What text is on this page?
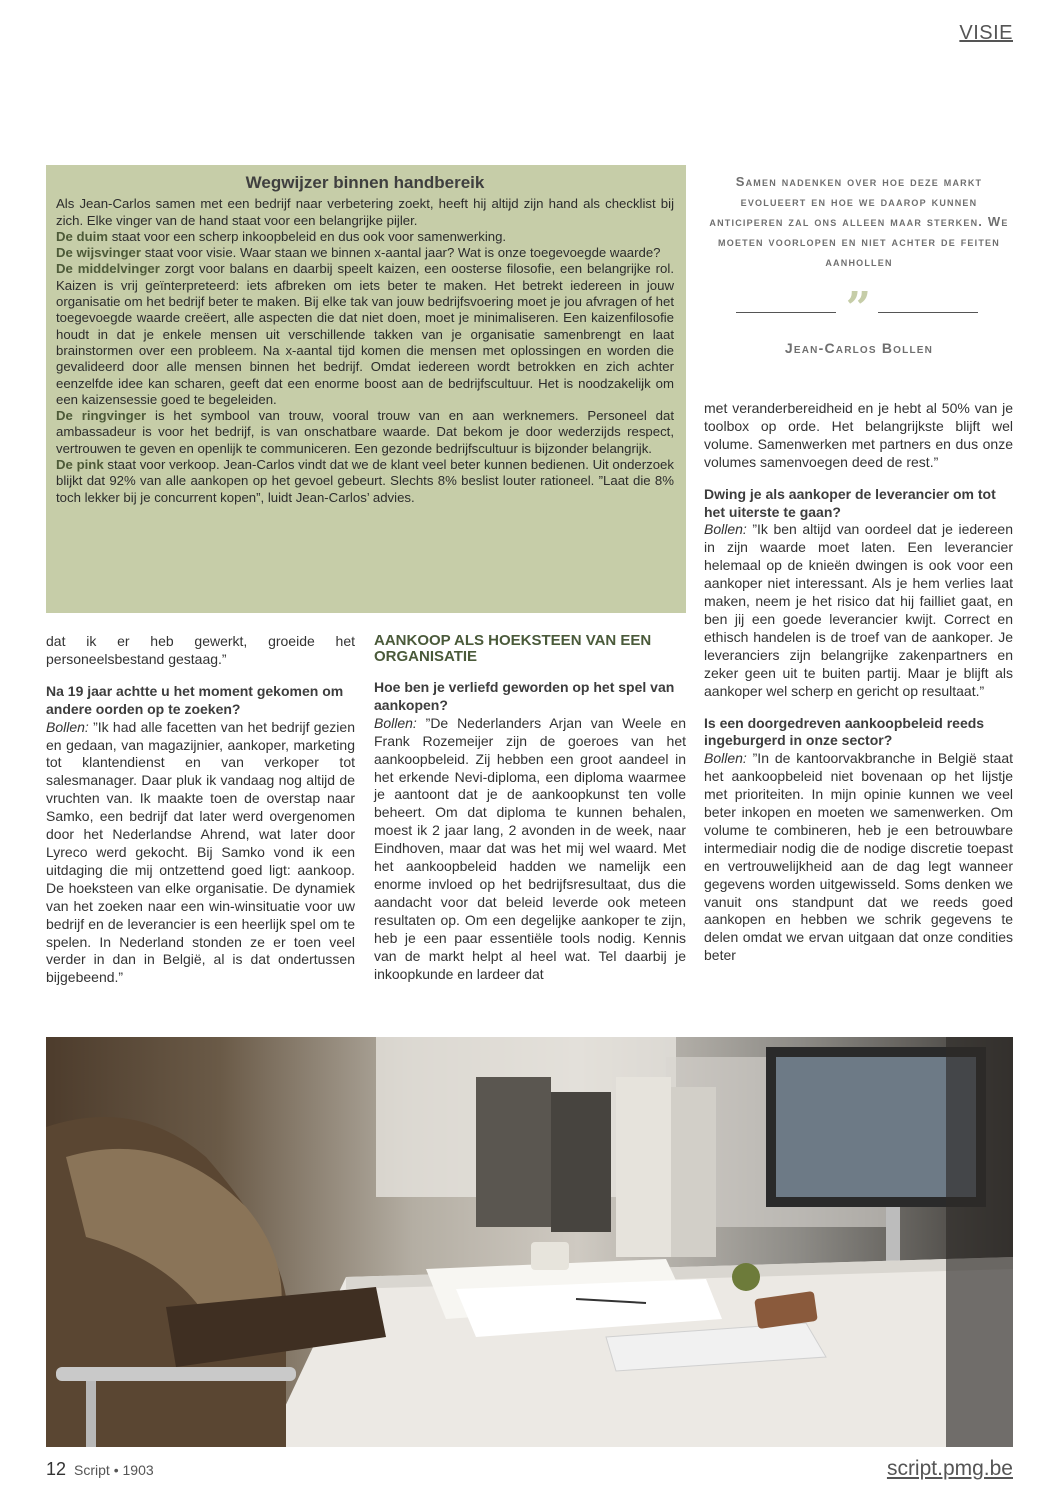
VISIE
Wegwijzer binnen handbereik

Als Jean-Carlos samen met een bedrijf naar verbetering zoekt, heeft hij altijd zijn hand als checklist bij zich. Elke vinger van de hand staat voor een belangrijke pijler.

De duim staat voor een scherp inkoopbeleid en dus ook voor samenwerking.

De wijsvinger staat voor visie. Waar staan we binnen x-aantal jaar? Wat is onze toegevoegde waarde?

De middelvinger zorgt voor balans en daarbij speelt kaizen, een oosterse filosofie, een belangrijke rol. Kaizen is vrij geïnterpreteerd: iets afbreken om iets beter te maken. Het betrekt iedereen in jouw organisatie om het bedrijf beter te maken. Bij elke tak van jouw bedrijfsvoering moet je jou afvragen of het toegevoegde waarde creëert, alle aspecten die dat niet doen, moet je minimaliseren. Een kaizenfilosofie houdt in dat je enkele mensen uit verschillende takken van je organisatie samenbrengt en laat brainstormen over een probleem. Na x-aantal tijd komen die mensen met oplossingen en worden die gevalideerd door alle mensen binnen het bedrijf. Omdat iedereen wordt betrokken en zich achter eenzelfde idee kan scharen, geeft dat een enorme boost aan de bedrijfscultuur. Het is noodzakelijk om een kaizensessie goed te begeleiden.

De ringvinger is het symbool van trouw, vooral trouw van en aan werknemers. Personeel dat ambassadeur is voor het bedrijf, is van onschatbare waarde. Dat bekom je door wederzijds respect, vertrouwen te geven en openlijk te communiceren. Een gezonde bedrijfscultuur is bijzonder belangrijk.

De pink staat voor verkoop. Jean-Carlos vindt dat we de klant veel beter kunnen bedienen. Uit onderzoek blijkt dat 92% van alle aankopen op het gevoel gebeurt. Slechts 8% beslist louter rationeel. ”Laat die 8% toch lekker bij je concurrent kopen”, luidt Jean-Carlos’ advies.

Samen nadenken over hoe deze markt evolueert en hoe we daarop kunnen anticiperen zal ons alleen maar sterken. We moeten voorlopen en niet achter de feiten aanhollen
”
Jean-Carlos Bollen

dat ik er heb gewerkt, groeide het personeelsbestand gestaag.”

Na 19 jaar achtte u het moment gekomen om andere oorden op te zoeken?

Bollen: ”Ik had alle facetten van het bedrijf gezien en gedaan, van magazijnier, aankoper, marketing tot klantendienst en van verkoper tot salesmanager. Daar pluk ik vandaag nog altijd de vruchten van. Ik maakte toen de overstap naar Samko, een bedrijf dat later werd overgenomen door het Nederlandse Ahrend, wat later door Lyreco werd gekocht. Bij Samko vond ik een uitdaging die mij ontzettend goed ligt: aankoop. De hoeksteen van elke organisatie. De dynamiek van het zoeken naar een win-winsituatie voor uw bedrijf en de leverancier is een heerlijk spel om te spelen. In Nederland stonden ze er toen veel verder in dan in België, al is dat ondertussen bijgebeend.”

AANKOOP ALS HOEKSTEEN VAN EEN ORGANISATIE

Hoe ben je verliefd geworden op het spel van aankopen?

Bollen: ”De Nederlanders Arjan van Weele en Frank Rozemeijer zijn de goeroes van het aankoopbeleid. Zij hebben een groot aandeel in het erkende Nevi-diploma, een diploma waarmee je aantoont dat je de aankoopkunst ten volle beheert. Om dat diploma te kunnen behalen, moest ik 2 jaar lang, 2 avonden in de week, naar Eindhoven, maar dat was het mij wel waard. Met het aankoopbeleid hadden we namelijk een enorme invloed op het bedrijfsresultaat, dus die aandacht voor dat beleid leverde ook meteen resultaten op. Om een degelijke aankoper te zijn, heb je een paar essentiële tools nodig. Kennis van de markt helpt al heel wat. Tel daarbij je inkoopkunde en lardeer dat

met veranderbereidheid en je hebt al 50% van je toolbox op orde. Het belangrijkste blijft wel volume. Samenwerken met partners en dus onze volumes samenvoegen deed de rest.”

Dwing je als aankoper de leverancier om tot het uiterste te gaan?

Bollen: ”Ik ben altijd van oordeel dat je iedereen in zijn waarde moet laten. Een leverancier helemaal op de knieën dwingen is ook voor een aankoper niet interessant. Als je hem verlies laat maken, neem je het risico dat hij failliet gaat, en ben jij een goede leverancier kwijt. Correct en ethisch handelen is de troef van de aankoper. Je leveranciers zijn belangrijke zakenpartners en zeker geen uit te buiten partij. Maar je blijft als aankoper wel scherp en gericht op resultaat.”

Is een doorgedreven aankoopbeleid reeds ingeburgerd in onze sector?

Bollen: ”In de kantoorvakbranche in België staat het aankoopbeleid niet bovenaan op het lijstje met prioriteiten. In mijn opinie kunnen we veel beter inkopen en moeten we samenwerken. Om volume te combineren, heb je een betrouwbare intermediair nodig die de nodige discretie toepast en vertrouwelijkheid aan de dag legt wanneer gegevens worden uitgewisseld. Soms denken we vanuit ons standpunt dat we reeds goed aankopen en hebben we schrik gegevens te delen omdat we ervan uitgaan dat onze condities beter

12 Script • 1903	script.pmg.be
